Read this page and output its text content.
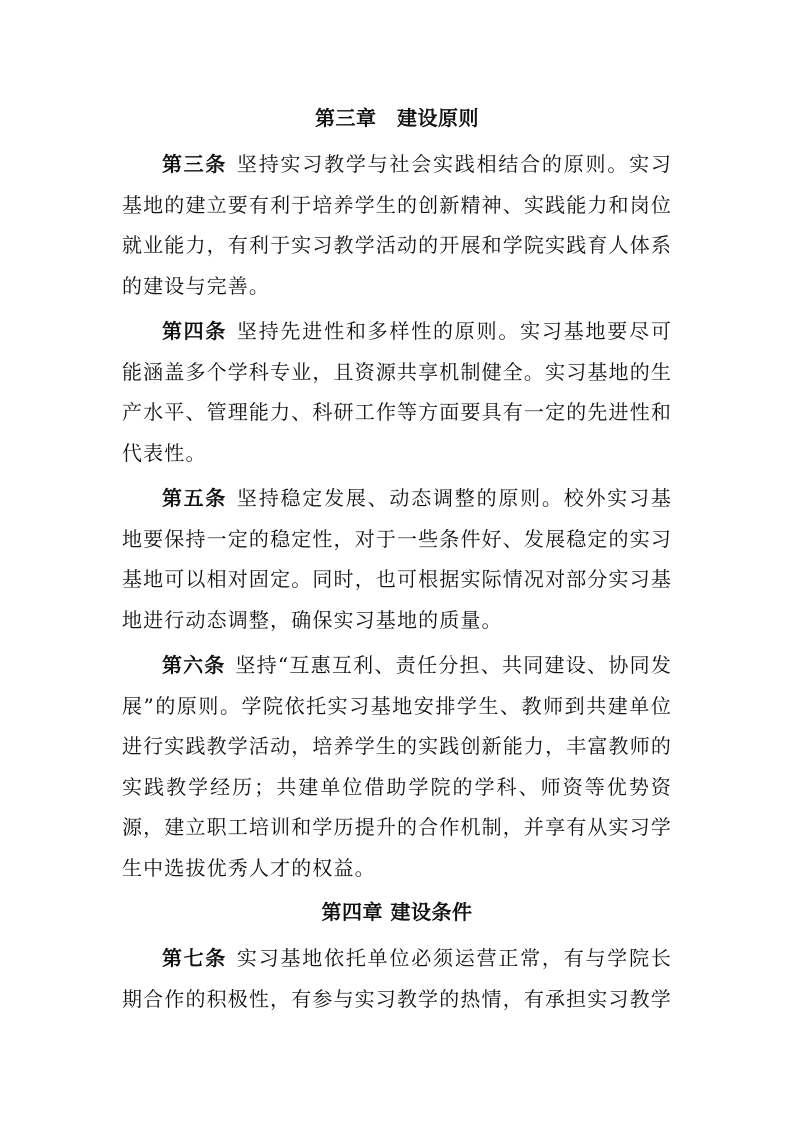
第三章　建设原则

第三条 坚持实习教学与社会实践相结合的原则。实习基地的建立要有利于培养学生的创新精神、实践能力和岗位就业能力，有利于实习教学活动的开展和学院实践育人体系的建设与完善。

第四条 坚持先进性和多样性的原则。实习基地要尽可能涵盖多个学科专业，且资源共享机制健全。实习基地的生产水平、管理能力、科研工作等方面要具有一定的先进性和代表性。

第五条 坚持稳定发展、动态调整的原则。校外实习基地要保持一定的稳定性，对于一些条件好、发展稳定的实习基地可以相对固定。同时，也可根据实际情况对部分实习基地进行动态调整，确保实习基地的质量。

第六条 坚持“互惠互利、责任分担、共同建设、协同发展”的原则。学院依托实习基地安排学生、教师到共建单位进行实践教学活动，培养学生的实践创新能力，丰富教师的实践教学经历；共建单位借助学院的学科、师资等优势资源，建立职工培训和学历提升的合作机制，并享有从实习学生中选拔优秀人才的权益。

第四章 建设条件

第七条 实习基地依托单位必须运营正常，有与学院长期合作的积极性，有参与实习教学的热情，有承担实习教学
